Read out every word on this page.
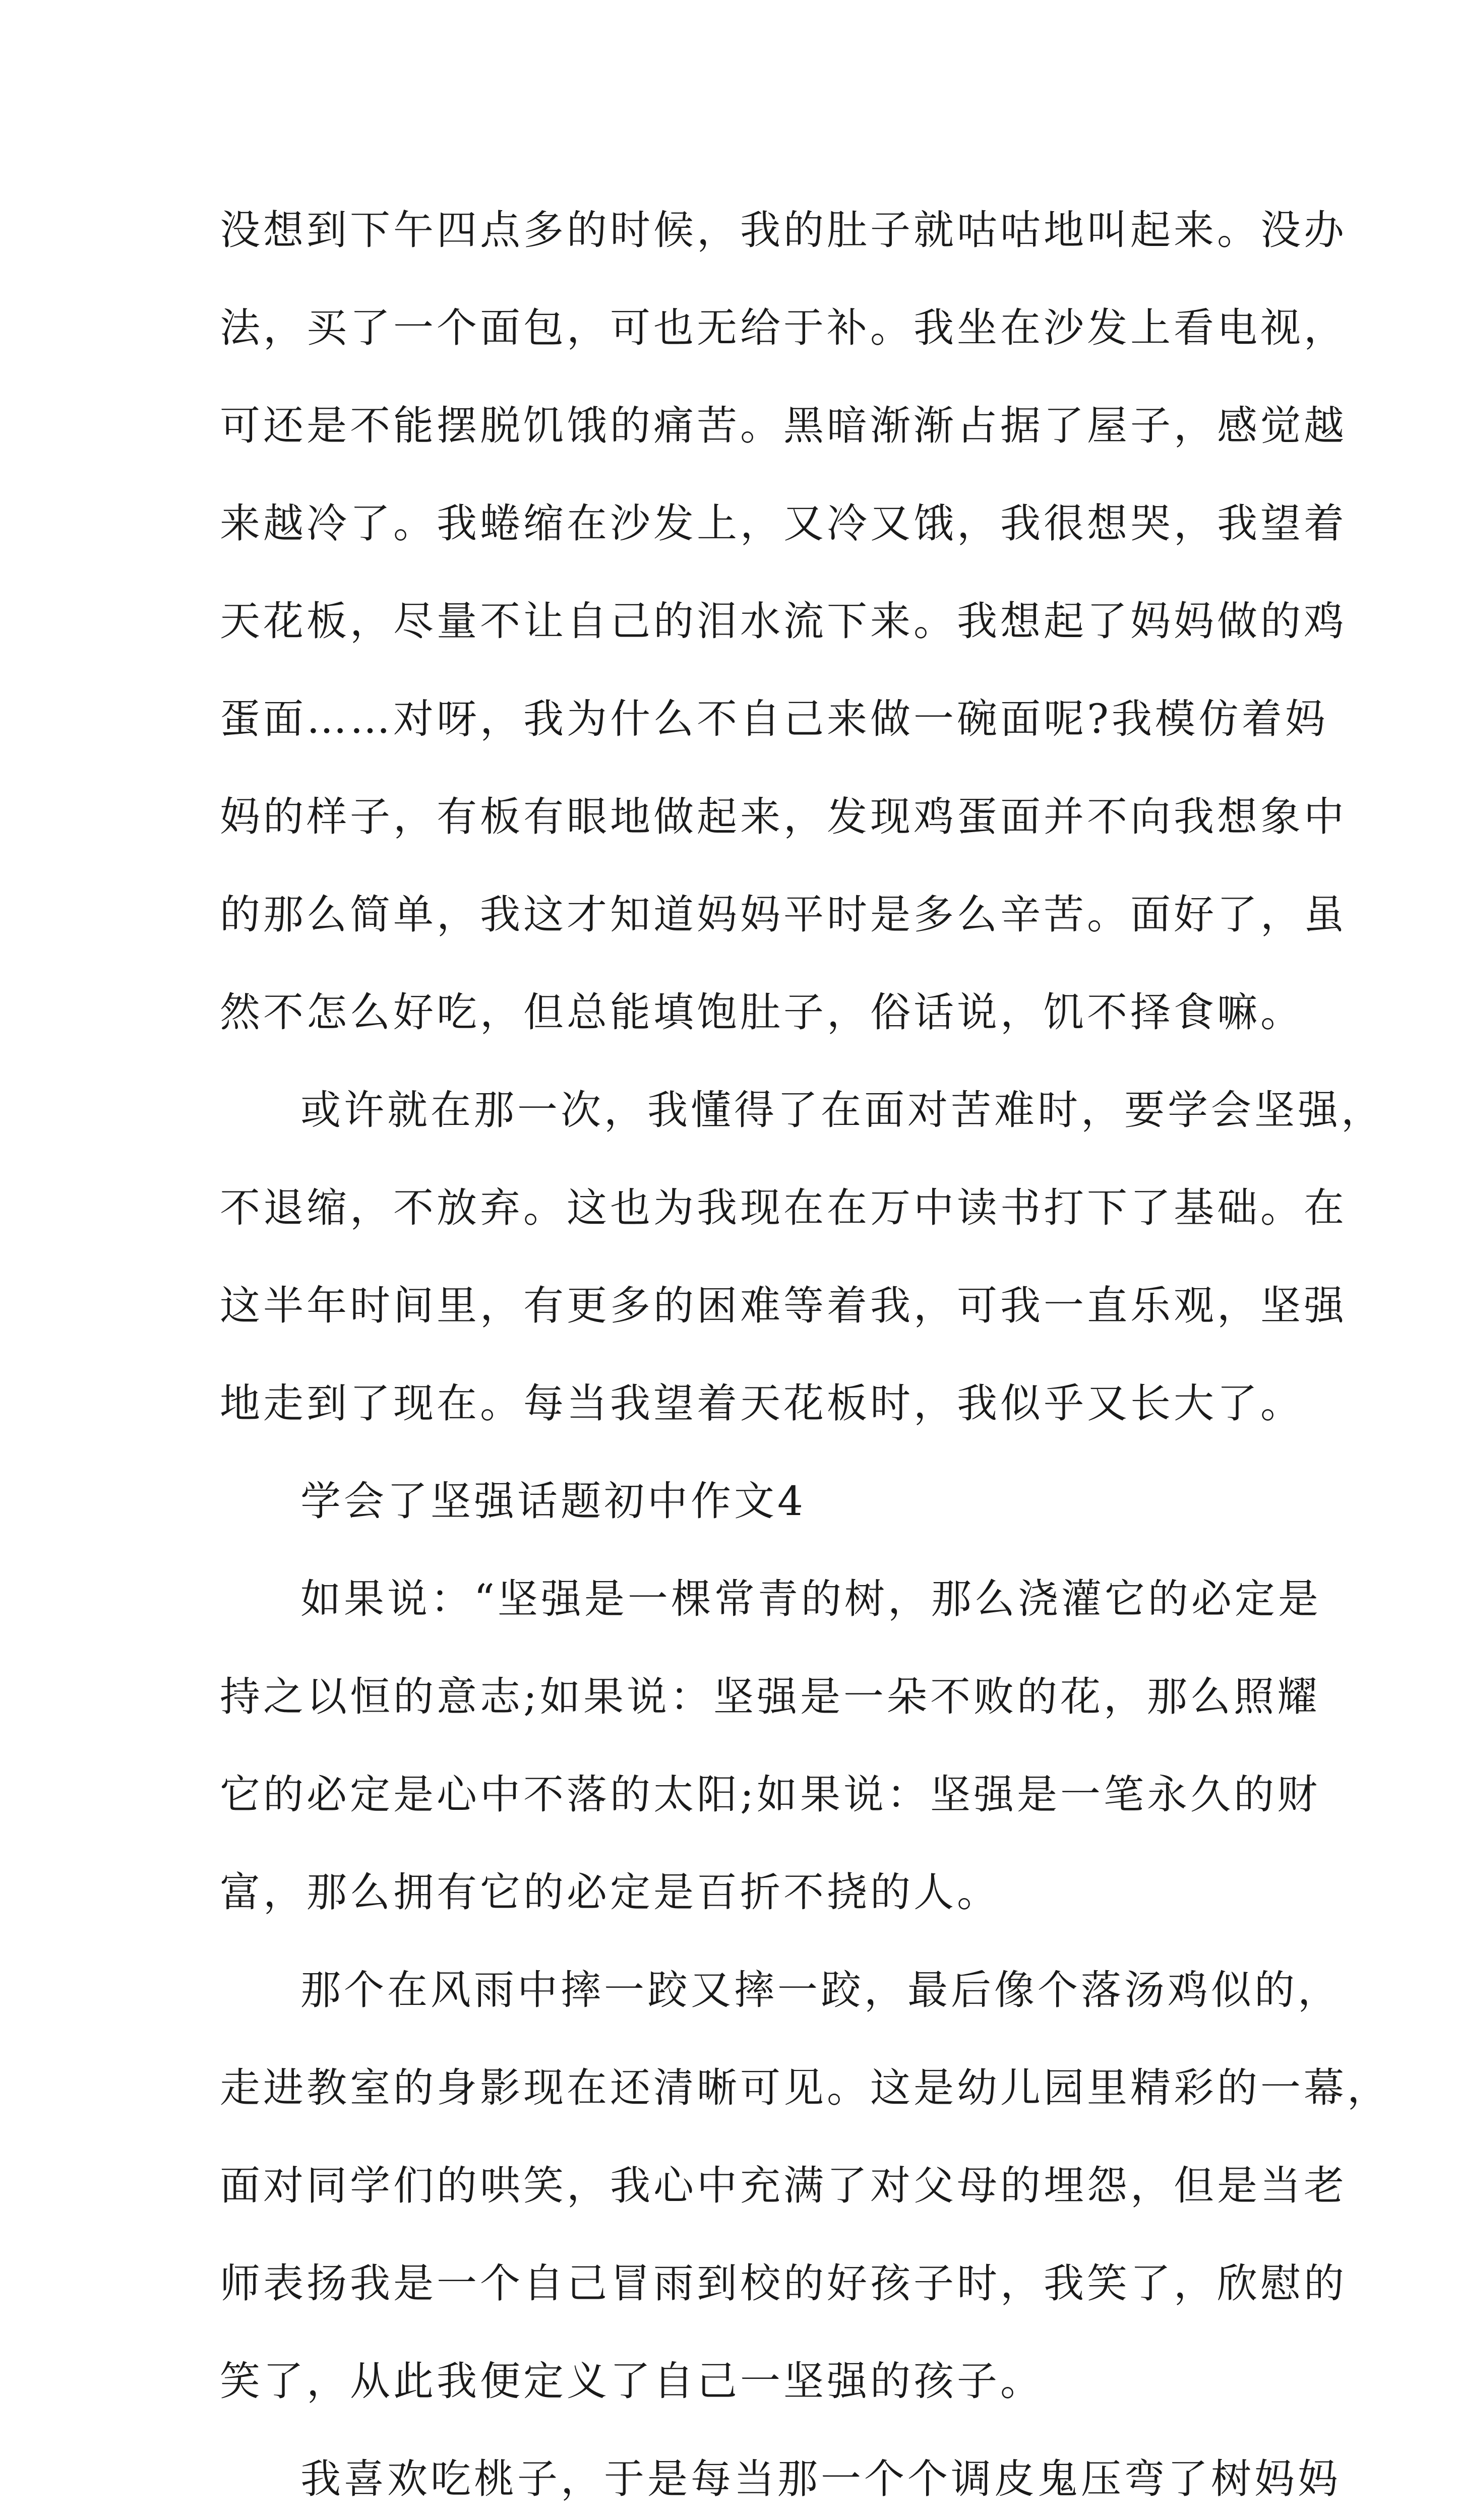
没想到下午四点多的时候，我的肚子就咕咕地叫起来。没办
法，买了一个面包，可也无给于补。我坐在沙发上看电视，
可还是不能摆脱饥饿的痛苦。黑暗渐渐占据了屋子，感觉越
来越冷了。我蜷缩在沙发上，又冷又饿，我很想哭，我望着
天花板，尽量不让自己的泪水流下来。我想起了妈妈做的鸡
蛋面……对呀，我为什么不自己来做一碗面呢?我模仿着妈
妈的样子，有板有眼地做起来，发现鸡蛋面并不向我想象中
的那么简单，我这才知道妈妈平时是多么辛苦。面好了，虽
然不怎么好吃，但总能填饱肚子，俗话说，饥不择食嘛。
或许就在那一次，我懂得了在面对苦难时，要学会坚强，
不退缩，不放弃。这也为我现在在万中读书打下了基础。在
这半年时间里，有更多的困难等着我，可我一直乐观，坚强
地走到了现在。每当我望着天花板时，我似乎又长大了。
学会了坚强话题初中作文4
如果说：“坚强是一棵常青的树，那么浇灌它的必定是
持之以恒的意志;如果说：坚强是一朵不败的花，那么照耀
它的必定是心中不落的太阳;如果说：坚强是一笔永久的财
富，那么拥有它的必定是百折不挠的人。
那个在风雨中摔一跤又摔一跤，最后像个落汤鸡似的，
走进教室的身影现在还清晰可见。这是幼儿园里精彩的一幕，
面对同学们的哄笑，我心中充满了对父母的埋怨，但是当老
师表扬我是一个自己冒雨到校的好孩子时，我笑了，欣慰的
笑了，从此我便定义了自己一坚强的孩子。
我喜欢吃桃子，于是每当那一个个调皮鬼压弯了树妈妈
